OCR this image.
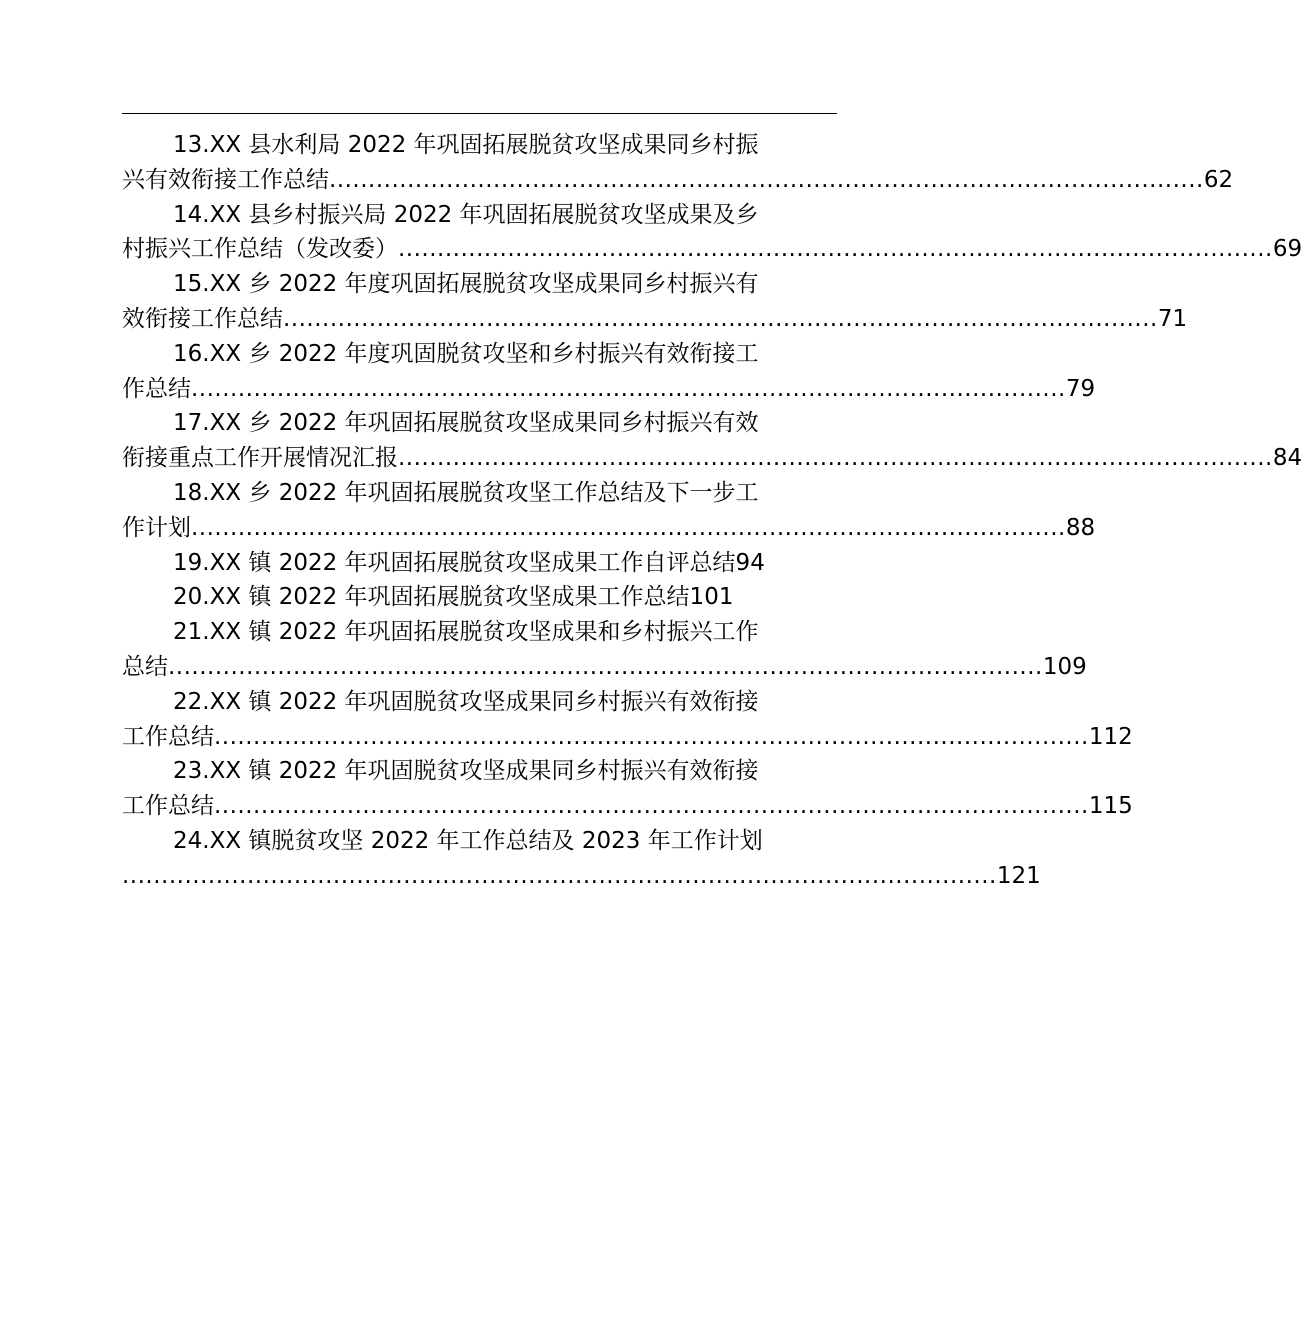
13.XX 县水利局 2022 年巩固拓展脱贫攻坚成果同乡村振
兴有效衔接工作总结 ................................................................................................................ 62
14.XX 县乡村振兴局 2022 年巩固拓展脱贫攻坚成果及乡
村振兴工作总结（发改委） ................................................................................................................ 69
15.XX 乡 2022 年度巩固拓展脱贫攻坚成果同乡村振兴有
效衔接工作总结 ................................................................................................................ 71
16.XX 乡 2022 年度巩固脱贫攻坚和乡村振兴有效衔接工
作总结 ................................................................................................................ 79
17.XX 乡 2022 年巩固拓展脱贫攻坚成果同乡村振兴有效
衔接重点工作开展情况汇报 ................................................................................................................ 84
18.XX 乡 2022 年巩固拓展脱贫攻坚工作总结及下一步工
作计划 ................................................................................................................ 88
19.XX 镇 2022 年巩固拓展脱贫攻坚成果工作自评总结94
20.XX 镇 2022 年巩固拓展脱贫攻坚成果工作总结101
21.XX 镇 2022 年巩固拓展脱贫攻坚成果和乡村振兴工作
总结 ................................................................................................................ 109
22.XX 镇 2022 年巩固脱贫攻坚成果同乡村振兴有效衔接
工作总结 ................................................................................................................ 112
23.XX 镇 2022 年巩固脱贫攻坚成果同乡村振兴有效衔接
工作总结 ................................................................................................................ 115
24.XX 镇脱贫攻坚 2022 年工作总结及 2023 年工作计划
................................................................................................................ 121
